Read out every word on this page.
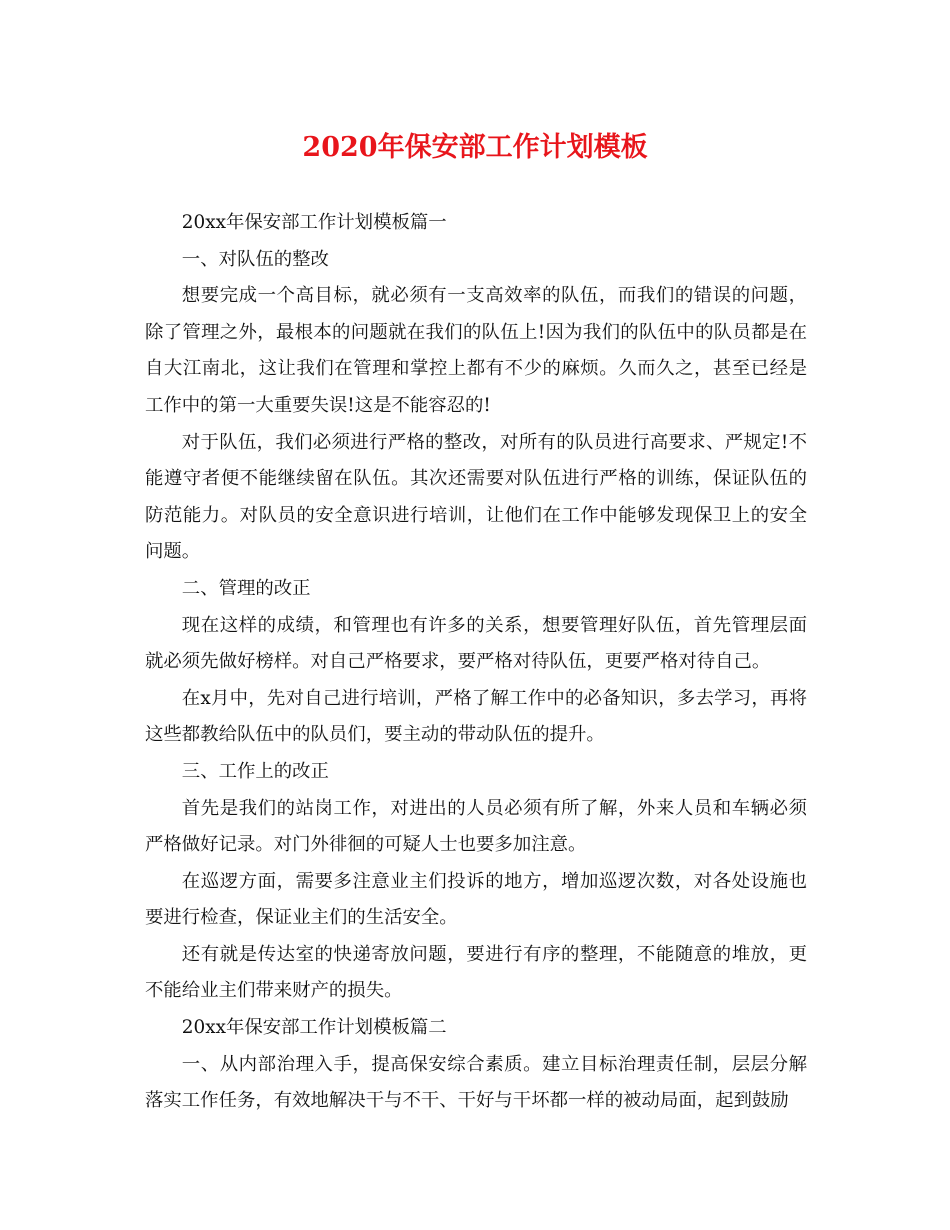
2020年保安部工作计划模板

20xx年保安部工作计划模板篇一

一、对队伍的整改

想要完成一个高目标，就必须有一支高效率的队伍，而我们的错误的问题，除了管理之外，最根本的问题就在我们的队伍上!因为我们的队伍中的队员都是在自大江南北，这让我们在管理和掌控上都有不少的麻烦。久而久之，甚至已经是工作中的第一大重要失误!这是不能容忍的!

对于队伍，我们必须进行严格的整改，对所有的队员进行高要求、严规定!不能遵守者便不能继续留在队伍。其次还需要对队伍进行严格的训练，保证队伍的防范能力。对队员的安全意识进行培训，让他们在工作中能够发现保卫上的安全问题。

二、管理的改正

现在这样的成绩，和管理也有许多的关系，想要管理好队伍，首先管理层面就必须先做好榜样。对自己严格要求，要严格对待队伍，更要严格对待自己。

在x月中，先对自己进行培训，严格了解工作中的必备知识，多去学习，再将这些都教给队伍中的队员们，要主动的带动队伍的提升。

三、工作上的改正

首先是我们的站岗工作，对进出的人员必须有所了解，外来人员和车辆必须严格做好记录。对门外徘徊的可疑人士也要多加注意。

在巡逻方面，需要多注意业主们投诉的地方，增加巡逻次数，对各处设施也要进行检查，保证业主们的生活安全。

还有就是传达室的快递寄放问题，要进行有序的整理，不能随意的堆放，更不能给业主们带来财产的损失。

20xx年保安部工作计划模板篇二

一、从内部治理入手，提高保安综合素质。建立目标治理责任制，层层分解落实工作任务，有效地解决干与不干、干好与干坏都一样的被动局面，起到鼓励
